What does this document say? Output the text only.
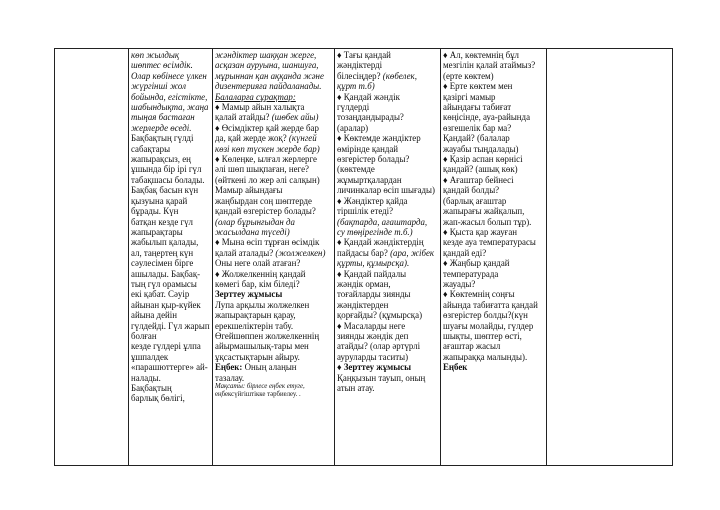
көп жылдық
шөптес өсімдік.
Олар көбінесе үлкен
жүргінші жол
бойында, егістікте,
шабындықта, жаңа
тыңая бастаған
жерлерде өседі.
Бақбақтың гүлді
сабақтары
жапырақсыз, ең
ұшында бір ірі гүл
табақшасы болады.
Бақбақ басын күн
қызуына қарай
бұрады. Күн
батқан кезде гүл
жапырақтары
жабылып қалады,
ал, таңертең күн
сәулесімен бірге
ашылады. Бақбақ-
тың гүл орамысы
екі қабат. Сәуір
айынан қыр-күйек
айына дейін
гүлдейді. Гүл жарып
болған
кезде гүлдері ұлпа
ұшпалдек
«парашюттерге» ай-
налады.
Бақбақтың
барлық бөлігі,

жәндіктер шаққан жерге,
асқазан ауруына, шаншуға,
мұрыннан қан аққанда және
дизентерияға пайдаланады.
Балаларға сұрақтар:
♦ Мамыр айын халықта
қалай атайды? (шөбек айы)
♦ Өсімдіктер қай жерде бар
да, қай жерде жоқ? (күнгей
көзі көп түскен жерде бар)
♦ Көлеңке, ылғал жерлерге
әлі шөп шықпаған, неге?
(өйткені ло жер әлі салқын)
Мамыр айындағы
жаңбырдан соң шөптерде
қандай өзгерістер болады?
(олар бұрынғыдан да
жасылдана түседі)
♦ Мына өсіп тұрған өсімдік
қалай аталады? (жолжелкен)
Оны неге олай атаған?
♦ Жолжелкеннің қандай
көмегі бар, кім біледі?
Зерттеу жұмысы
Лупа арқылы жолжелкен
жапырақтарын қарау,
ерекшеліктерін табу.
Өгейшөппен жолжелкеннің
айырмашылық-тары мен
ұқсастықтарын айыру.
Еңбек: Оның алаңын
тазалау.
Мақсаты: бірлесе еңбек етуге,
еңбексүйгіштікке тәрбиелеу. .

♦ Тағы қандай
жәндіктерді
білесіңдер? (көбелек,
құрт т.б)
♦ Қандай жәндік
гүлдерді
тозаңдандырады?
(аралар)
♦ Көктемде жәндіктер
өмірінде қандай
өзгерістер болады?
(көктемде
жұмыртқалардан
личинкалар өсіп шығады)
♦ Жәндіктер қайда
тіршілік етеді?
(бақтарда, ағаштарда,
су төңірегінде т.б.)
♦ Қандай жәндіктердің
пайдасы бар? (ара, жібек
құрты, құмырсқа).
♦ Қандай пайдалы
жәндік орман,
тоғайларды зиянды
жәндіктерден
қорғайды? (құмырсқа)
♦ Масаларды неге
зиянды жәндік деп
атайды? (олар әртүрлі
ауруларды таситы)
♦ Зерттеу жұмысы
Қаңқызын тауып, оның
атын атау.

♦ Ал, көктемнің бұл
мезгілін қалай атаймыз?
(ерте көктем)
♦ Ерте көктем мен
қазіргі мамыр
айындағы табиғат
көңісінде, ауа-райында
өзгешелік бар ма?
Қандай? (балалар
жауабы тыңдалады)
♦ Қазір аспан көрнісі
қандай? (ашық көк)
♦ Ағаштар бейнесі
қандай болды?
(барлық ағаштар
жапырағы жайқалып,
жап-жасыл болып тұр).
♦ Қыста қар жауған
кезде ауа температурасы
қандай еді?
♦ Жаңбыр қандай
температурада
жауады?
♦ Көктемнің соңғы
айында табиғатта қандай
өзгерістер болды?(күн
шуағы молайды, гүлдер
шықты, шөптер өсті,
ағаштар жасыл
жапыраққа малынды).
Еңбек
